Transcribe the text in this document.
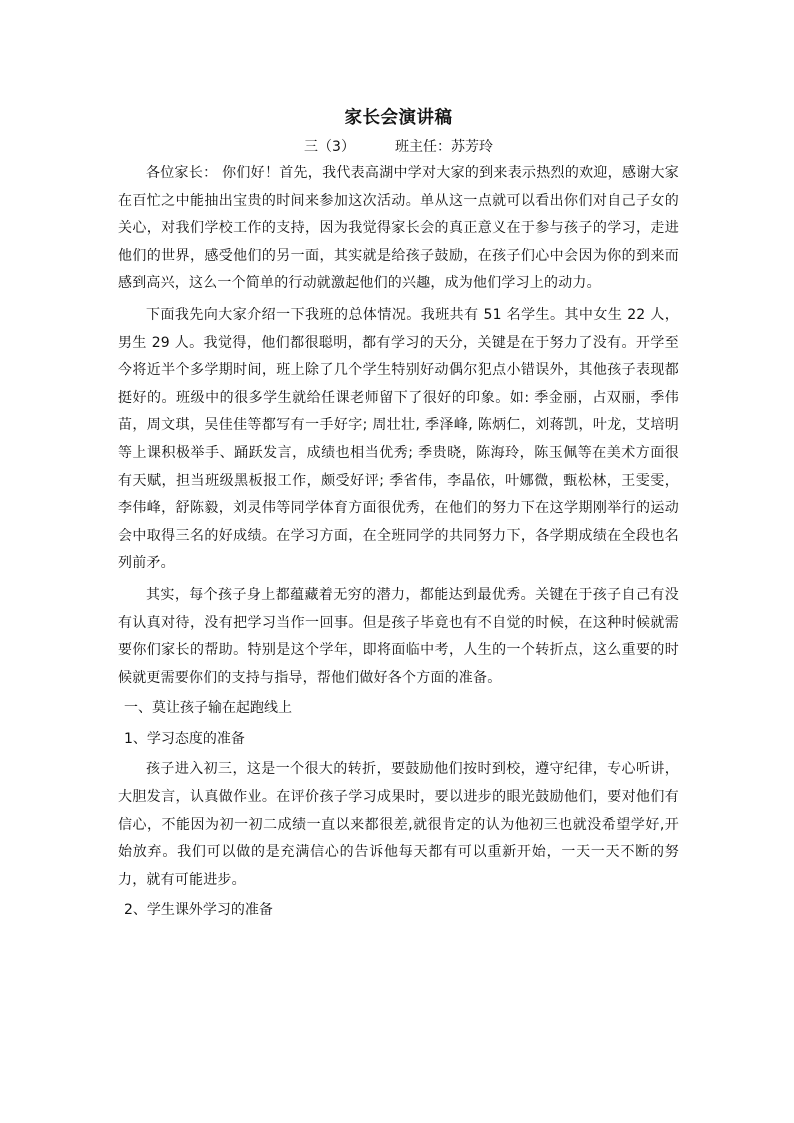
家长会演讲稿
三（3）	班主任：苏芳玲

各位家长： 你们好！首先，我代表高湖中学对大家的到来表示热烈的欢迎，感谢大家在百忙之中能抽出宝贵的时间来参加这次活动。单从这一点就可以看出你们对自己子女的关心，对我们学校工作的支持，因为我觉得家长会的真正意义在于参与孩子的学习，走进他们的世界，感受他们的另一面，其实就是给孩子鼓励，在孩子们心中会因为你的到来而感到高兴，这么一个简单的行动就激起他们的兴趣，成为他们学习上的动力。

下面我先向大家介绍一下我班的总体情况。我班共有 51 名学生。其中女生 22 人，男生 29 人。我觉得，他们都很聪明，都有学习的天分，关键是在于努力了没有。开学至今将近半个多学期时间，班上除了几个学生特别好动偶尔犯点小错误外，其他孩子表现都挺好的。班级中的很多学生就给任课老师留下了很好的印象。如: 季金丽，占双丽，季伟苗，周文琪，吴佳佳等都写有一手好字; 周壮壮, 季泽峰, 陈炳仁，刘蒋凯，叶龙，艾培明等上课积极举手、踊跃发言，成绩也相当优秀; 季贵晓，陈海玲，陈玉佩等在美术方面很有天赋，担当班级黑板报工作，颇受好评; 季省伟，李晶依，叶娜微，甄松林，王雯雯，李伟峰，舒陈毅，刘灵伟等同学体育方面很优秀，在他们的努力下在这学期刚举行的运动会中取得三名的好成绩。在学习方面，在全班同学的共同努力下，各学期成绩在全段也名列前矛。

其实，每个孩子身上都蕴藏着无穷的潜力，都能达到最优秀。关键在于孩子自己有没有认真对待，没有把学习当作一回事。但是孩子毕竟也有不自觉的时候，在这种时候就需要你们家长的帮助。特别是这个学年，即将面临中考，人生的一个转折点，这么重要的时候就更需要你们的支持与指导，帮他们做好各个方面的准备。

一、莫让孩子输在起跑线上
1、学习态度的准备

孩子进入初三，这是一个很大的转折，要鼓励他们按时到校，遵守纪律，专心听讲，大胆发言，认真做作业。在评价孩子学习成果时，要以进步的眼光鼓励他们，要对他们有信心，不能因为初一初二成绩一直以来都很差,就很肯定的认为他初三也就没希望学好,开始放弃。我们可以做的是充满信心的告诉他每天都有可以重新开始，一天一天不断的努力，就有可能进步。

2、学生课外学习的准备
